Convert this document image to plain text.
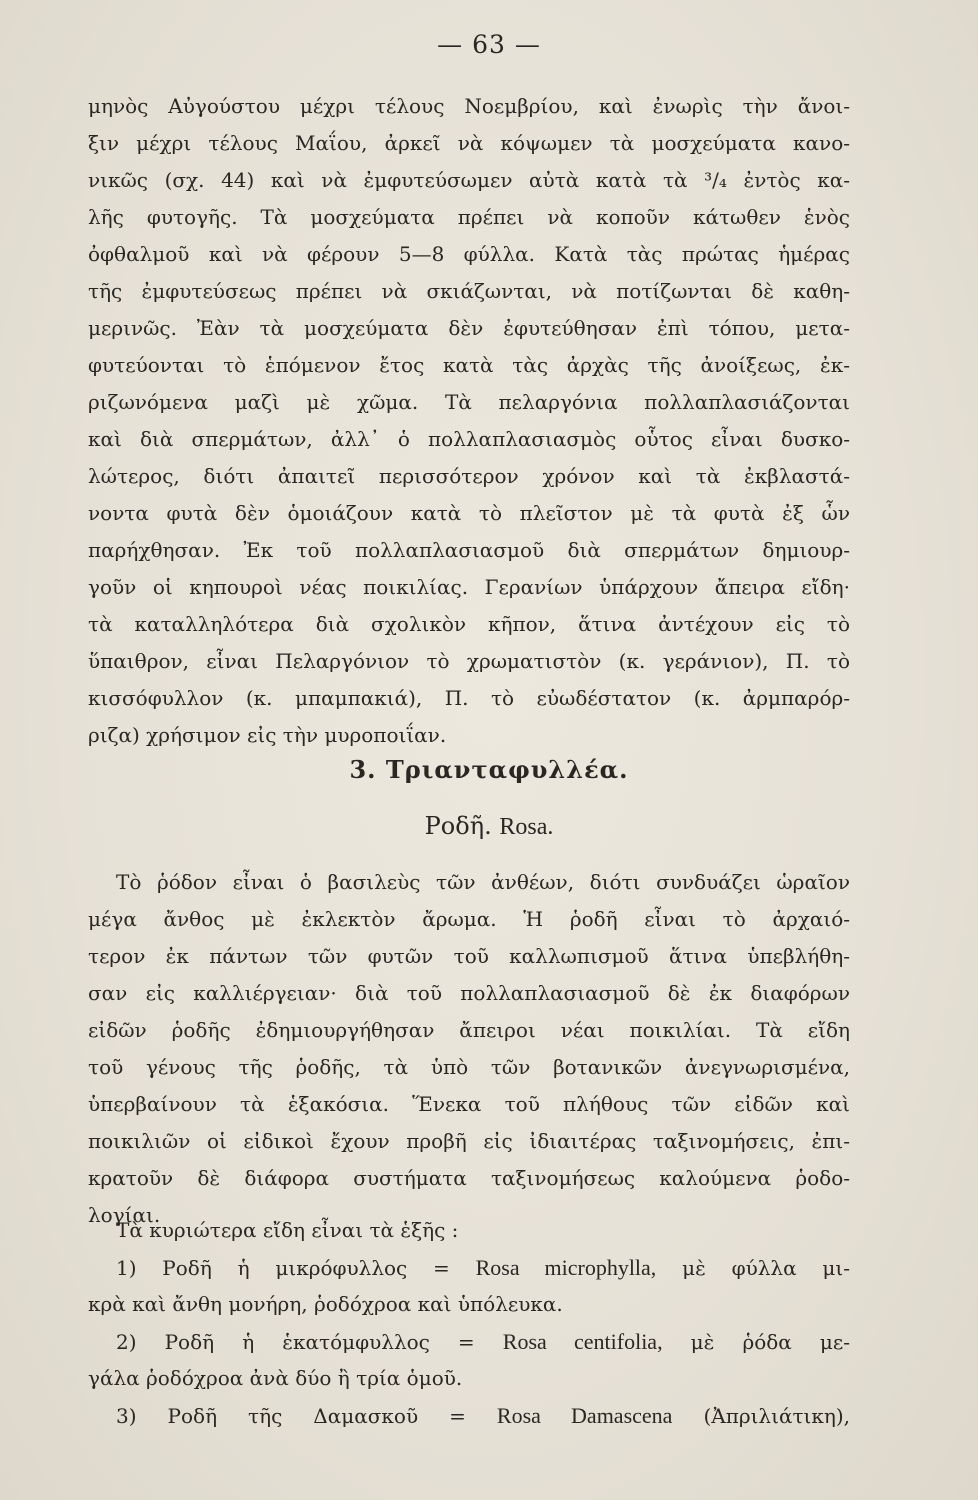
— 63 —
μηνὸς Αὐγούστου μέχρι τέλους Νοεμβρίου, καὶ ἐνωρὶς τὴν ἄνοι-
ξιν μέχρι τέλους Μαΐου, ἀρκεῖ νὰ κόψωμεν τὰ μοσχεύματα κανο-
νικῶς (σχ. 44) καὶ νὰ ἐμφυτεύσωμεν αὐτὰ κατὰ τὰ ³/₄ ἐντὸς κα-
λῆς φυτογῆς. Τὰ μοσχεύματα πρέπει νὰ κοποῦν κάτωθεν ἑνὸς
ὀφθαλμοῦ καὶ νὰ φέρουν 5—8 φύλλα. Κατὰ τὰς πρώτας ἡμέρας
τῆς ἐμφυτεύσεως πρέπει νὰ σκιάζωνται, νὰ ποτίζωνται δὲ καθη-
μερινῶς. Ἐὰν τὰ μοσχεύματα δὲν ἐφυτεύθησαν ἐπὶ τόπου, μετα-
φυτεύονται τὸ ἑπόμενον ἔτος κατὰ τὰς ἀρχὰς τῆς ἀνοίξεως, ἐκ-
ριζωνόμενα μαζὶ μὲ χῶμα. Τὰ πελαργόνια πολλαπλασιάζονται
καὶ διὰ σπερμάτων, ἀλλ᾽ ὁ πολλαπλασιασμὸς οὗτος εἶναι δυσκο-
λώτερος, διότι ἀπαιτεῖ περισσότερον χρόνον καὶ τὰ ἐκβλαστά-
νοντα φυτὰ δὲν ὁμοιάζουν κατὰ τὸ πλεῖστον μὲ τὰ φυτὰ ἐξ ὧν
παρήχθησαν. Ἐκ τοῦ πολλαπλασιασμοῦ διὰ σπερμάτων δημιουρ-
γοῦν οἱ κηπουροὶ νέας ποικιλίας. Γερανίων ὑπάρχουν ἄπειρα εἴδη·
τὰ καταλληλότερα διὰ σχολικὸν κῆπον, ἅτινα ἀντέχουν εἰς τὸ
ὕπαιθρον, εἶναι Πελαργόνιον τὸ χρωματιστὸν (κ. γεράνιον), Π. τὸ
κισσόφυλλον (κ. μπαμπακιά), Π. τὸ εὐωδέστατον (κ. ἀρμπαρόρ-
ριζα) χρήσιμον εἰς τὴν μυροποιΐαν.
3. Τριανταφυλλέα.
Ροδῆ. Rosa.
Τὸ ῥόδον εἶναι ὁ βασιλεὺς τῶν ἀνθέων, διότι συνδυάζει ὡραῖον
μέγα ἄνθος μὲ ἐκλεκτὸν ἄρωμα. Ἡ ῥοδῆ εἶναι τὸ ἀρχαιό-
τερον ἐκ πάντων τῶν φυτῶν τοῦ καλλωπισμοῦ ἅτινα ὑπεβλήθη-
σαν εἰς καλλιέργειαν· διὰ τοῦ πολλαπλασιασμοῦ δὲ ἐκ διαφόρων
εἰδῶν ῥοδῆς ἐδημιουργήθησαν ἄπειροι νέαι ποικιλίαι. Τὰ εἴδη
τοῦ γένους τῆς ῥοδῆς, τὰ ὑπὸ τῶν βοτανικῶν ἀνεγνωρισμένα,
ὑπερβαίνουν τὰ ἑξακόσια. Ἕνεκα τοῦ πλήθους τῶν εἰδῶν καὶ
ποικιλιῶν οἱ εἰδικοὶ ἔχουν προβῆ εἰς ἰδιαιτέρας ταξινομήσεις, ἐπι-
κρατοῦν δὲ διάφορα συστήματα ταξινομήσεως καλούμενα ῥοδο-
λογίαι.
Τὰ κυριώτερα εἴδη εἶναι τὰ ἑξῆς :
1) Ροδῆ ἡ μικρόφυλλος = Rosa microphylla, μὲ φύλλα μι-
κρὰ καὶ ἄνθη μονήρη, ῥοδόχροα καὶ ὑπόλευκα.
2) Ροδῆ ἡ ἑκατόμφυλλος = Rosa centifolia, μὲ ῥόδα με-
γάλα ῥοδόχροα ἀνὰ δύο ἢ τρία ὁμοῦ.
3) Ροδῆ τῆς Δαμασκοῦ = Rosa Damascena (Ἀπριλιάτικη),
